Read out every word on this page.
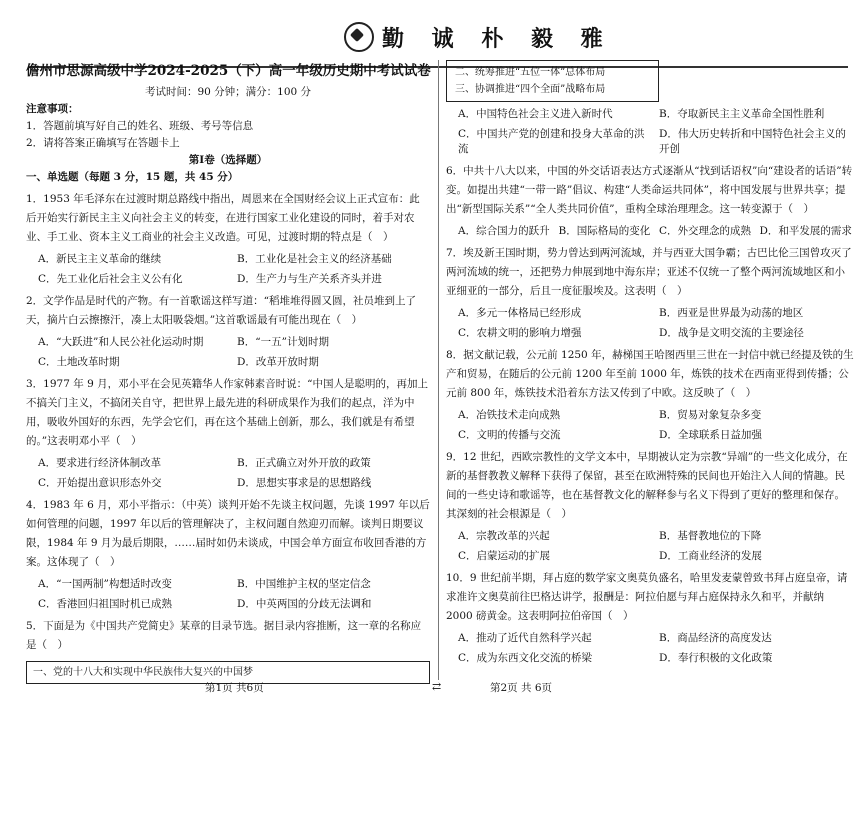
勤 诚 朴 毅 雅
儋州市思源高级中学2024-2025（下）高一年级历史期中考试试卷

考试时间：90 分钟；满分：100 分

注意事项：

1．答题前填写好自己的姓名、班级、考号等信息

2．请将答案正确填写在答题卡上

第Ⅰ卷（选择题）

一、单选题（每题 3 分，15 题，共 45 分）

1．1953 年毛泽东在过渡时期总路线中指出，周恩来在全国财经会议上正式宣布：此后开始实行新民主主义向社会主义的转变，在进行国家工业化建设的同时，着手对农业、手工业、资本主义工商业的社会主义改造。可见，过渡时期的特点是（　）
A．新民主主义革命的继续	B．工业化是社会主义的经济基础
C．先工业化后社会主义公有化	D．生产力与生产关系齐头并进
2．文学作品是时代的产物。有一首歌谣这样写道：“稻堆堆得圆又圆，社员堆到上了天，摘片白云擦擦汗，凑上太阳吸袋烟。”这首歌谣最有可能出现在（　）
A．“大跃进”和人民公社化运动时期	B．“一五”计划时期
C．土地改革时期	D．改革开放时期
3．1977 年 9 月，邓小平在会见英籍华人作家韩素音时说：“中国人是聪明的，再加上不搞关门主义，不搞闭关自守，把世界上最先进的科研成果作为我们的起点，洋为中用，吸收外国好的东西，先学会它们，再在这个基础上创新，那么，我们就是有希望的。”这表明邓小平（　）
A．要求进行经济体制改革	B．正式确立对外开放的政策
C．开始提出意识形态外交	D．思想实事求是的思想路线
4．1983 年 6 月，邓小平指示：（中英）谈判开始不先谈主权问题，先谈 1997 年以后如何管理的问题，1997 年以后的管理解决了，主权问题自然迎刃而解。谈判日期要议限，1984 年 9 月为最后期限，……届时如仍未谈成，中国会单方面宣布收回香港的方案。这体现了（　）
A．“一国两制”构想适时改变	B．中国维护主权的坚定信念
C．香港回归祖国时机已成熟	D．中英两国的分歧无法调和
5．下面是为《中国共产党简史》某章的目录节选。据目录内容推断，这一章的名称应是（　）
一、党的十八大和实现中华民族伟大复兴的中国梦
二、统筹推进“五位一体”总体布局
三、协调推进“四个全面”战略布局
A．中国特色社会主义进入新时代	B．夺取新民主主义革命全国性胜利
C．中国共产党的创建和投身大革命的洪流
D．伟大历史转折和中国特色社会主义的开创
6．中共十八大以来，中国的外交话语表达方式逐渐从“找到话语权”向“建设者的话语”转变。如提出共建“一带一路”倡议、构建“人类命运共同体”，将中国发展与世界共享；提出“新型国际关系”“全人类共同价值”，重构全球治理理念。这一转变源于（　）
A．综合国力的跃升 B．国际格局的变化 C．外交理念的成熟 D．和平发展的需求
7．埃及新王国时期，势力曾达到两河流域，并与西亚大国争霸；古巴比伦三国曾攻灭了两河流域的统一，还把势力伸展到地中海东岸；亚述不仅统一了整个两河流域地区和小亚细亚的一部分，后且一度征服埃及。这表明（　）
A．多元一体格局已经形成	B．西亚是世界最为动荡的地区
C．农耕文明的影响力增强	D．战争是文明交流的主要途径
8．据文献记载，公元前 1250 年，赫梯国王哈图西里三世在一封信中就已经提及铁的生产和贸易，在随后的公元前 1200 年至前 1000 年，炼铁的技术在西南亚得到传播；公元前 800 年，炼铁技术沿着东方法又传到了中欧。这反映了（　）
A．冶铁技术走向成熟	B．贸易对象复杂多变
C．文明的传播与交流	D．全球联系日益加强
9．12 世纪，西欧宗教性的文学文本中，早期被认定为宗教“异端”的一些文化成分，在新的基督教教义解释下获得了保留，甚至在欧洲特殊的民间也开始注入人间的情趣。民间的一些史诗和歌谣等，也在基督教文化的解释参与名义下得到了更好的整理和保存。其深刻的社会根源是（　）
A．宗教改革的兴起	B．基督教地位的下降
C．启蒙运动的扩展	D．工商业经济的发展
10．9 世纪前半期，拜占庭的数学家文奥莫负盛名，哈里发麦蒙曾致书拜占庭皇帝，请求准许文奥莫前往巴格达讲学，报酬是：阿拉伯愿与拜占庭保持永久和平，并献纳 2000 磅黄金。这表明阿拉伯帝国（　）
A．推动了近代自然科学兴起	B．商品经济的高度发达
C．成为东西文化交流的桥梁	D．奉行积极的文化政策
第1页 共6页	⇄	第2页 共 6页
